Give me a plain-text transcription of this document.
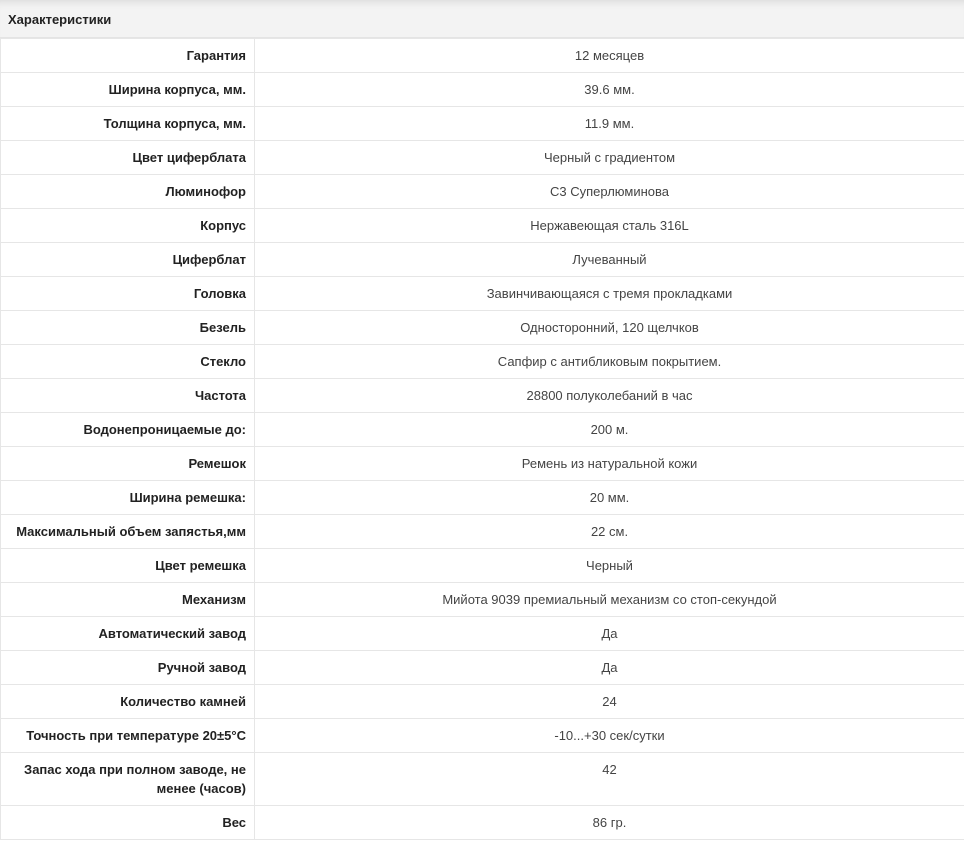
Характеристики
Гарантия	12 месяцев
Ширина корпуса, мм.	39.6 мм.
Толщина корпуса, мм.	11.9 мм.
Цвет циферблата	Черный с градиентом
Люминофор	С3 Суперлюминова
Корпус	Нержавеющая сталь 316L
Циферблат	Лучеванный
Головка	Завинчивающаяся с тремя прокладками
Безель	Односторонний, 120 щелчков
Стекло	Сапфир с антибликовым покрытием.
Частота	28800 полуколебаний в час
Водонепроницаемые до:	200 м.
Ремешок	Ремень из натуральной кожи
Ширина ремешка:	20 мм.
Максимальный объем запястья,мм	22 см.
Цвет ремешка	Черный
Механизм	Мийота 9039 премиальный механизм со стоп-секундой
Автоматический завод	Да
Ручной завод	Да
Количество камней	24
Точность при температуре 20±5°С	-10...+30 сек/сутки
Запас хода при полном заводе, не менее (часов)	42
Вес	86 гр.
